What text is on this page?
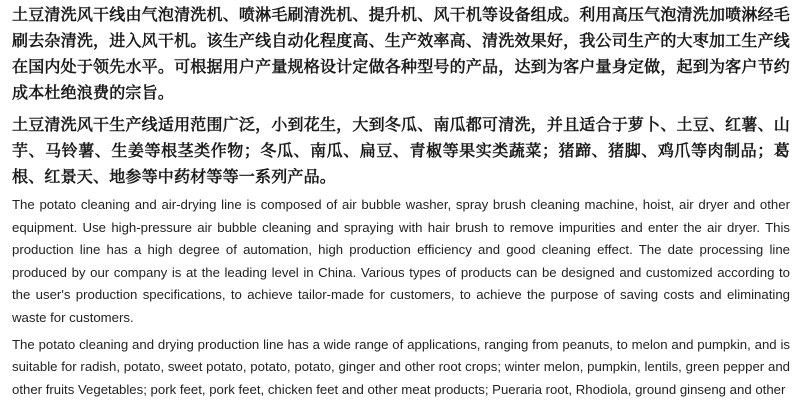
土豆清洗风干线由气泡清洗机、喷淋毛刷清洗机、提升机、风干机等设备组成。利用高压气泡清洗加喷淋经毛刷去杂清洗，进入风干机。该生产线自动化程度高、生产效率高、清洗效果好，我公司生产的大枣加工生产线在国内处于领先水平。可根据用户产量规格设计定做各种型号的产品，达到为客户量身定做，起到为客户节约成本杜绝浪费的宗旨。

土豆清洗风干生产线适用范围广泛，小到花生，大到冬瓜、南瓜都可清洗，并且适合于萝卜、土豆、红薯、山芋、马铃薯、生姜等根茎类作物；冬瓜、南瓜、扁豆、青椒等果实类蔬菜；猪蹄、猪脚、鸡爪等肉制品；葛根、红景天、地参等中药材等等一系列产品。

The potato cleaning and air-drying line is composed of air bubble washer, spray brush cleaning machine, hoist, air dryer and other equipment. Use high-pressure air bubble cleaning and spraying with hair brush to remove impurities and enter the air dryer. This production line has a high degree of automation, high production efficiency and good cleaning effect. The date processing line produced by our company is at the leading level in China. Various types of products can be designed and customized according to the user's production specifications, to achieve tailor-made for customers, to achieve the purpose of saving costs and eliminating waste for customers.

The potato cleaning and drying production line has a wide range of applications, ranging from peanuts, to melon and pumpkin, and is suitable for radish, potato, sweet potato, potato, potato, ginger and other root crops; winter melon, pumpkin, lentils, green pepper and other fruits Vegetables; pork feet, pork feet, chicken feet and other meat products; Pueraria root, Rhodiola, ground ginseng and other
